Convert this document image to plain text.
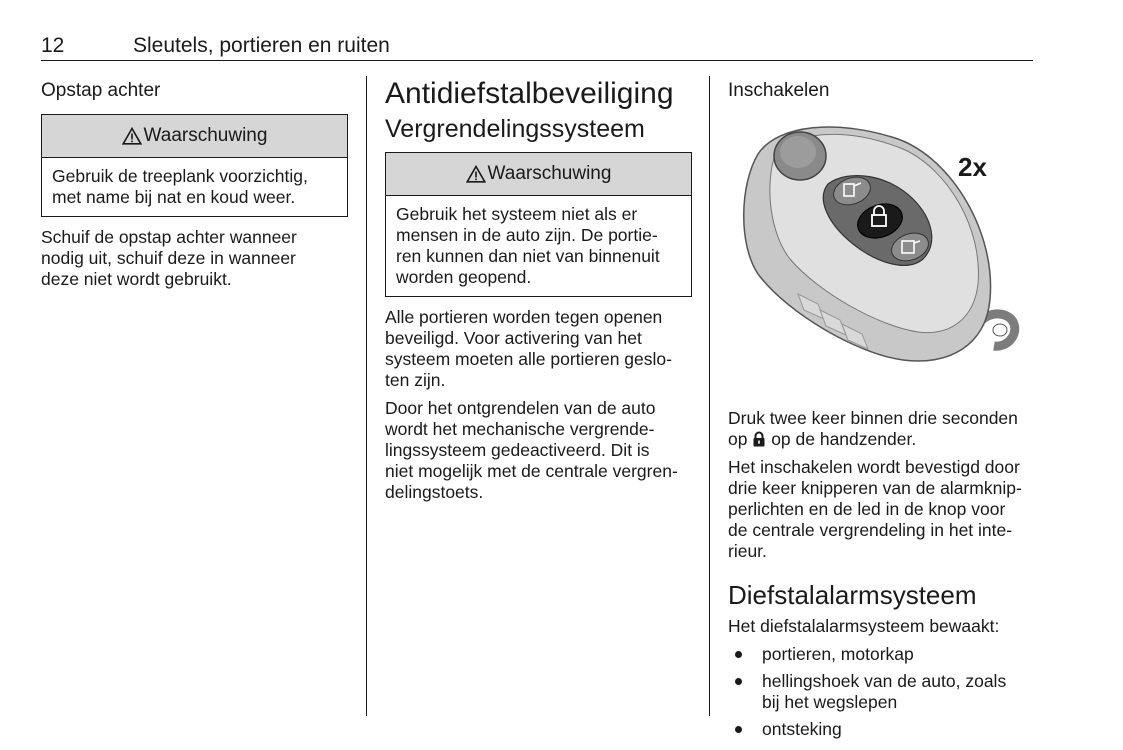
12	Sleutels, portieren en ruiten
Opstap achter
Waarschuwing
Gebruik de treeplank voorzichtig,
met name bij nat en koud weer.
Schuif de opstap achter wanneer
nodig uit, schuif deze in wanneer
deze niet wordt gebruikt.
Antidiefstalbeveiliging
Vergrendelingssysteem
Waarschuwing
Gebruik het systeem niet als er
mensen in de auto zijn. De portie-
ren kunnen dan niet van binnenuit
worden geopend.
Alle portieren worden tegen openen
beveiligd. Voor activering van het
systeem moeten alle portieren geslo-
ten zijn.
Door het ontgrendelen van de auto
wordt het mechanische vergrende-
lingssysteem gedeactiveerd. Dit is
niet mogelijk met de centrale vergren-
delingstoets.
Inschakelen
2x
Druk twee keer binnen drie seconden
op  op de handzender.
Het inschakelen wordt bevestigd door
drie keer knipperen van de alarmknip-
perlichten en de led in de knop voor
de centrale vergrendeling in het inte-
rieur.
Diefstalalarmsysteem
Het diefstalalarmsysteem bewaakt:
portieren, motorkap
hellingshoek van de auto, zoals
bij het wegslepen
ontsteking
